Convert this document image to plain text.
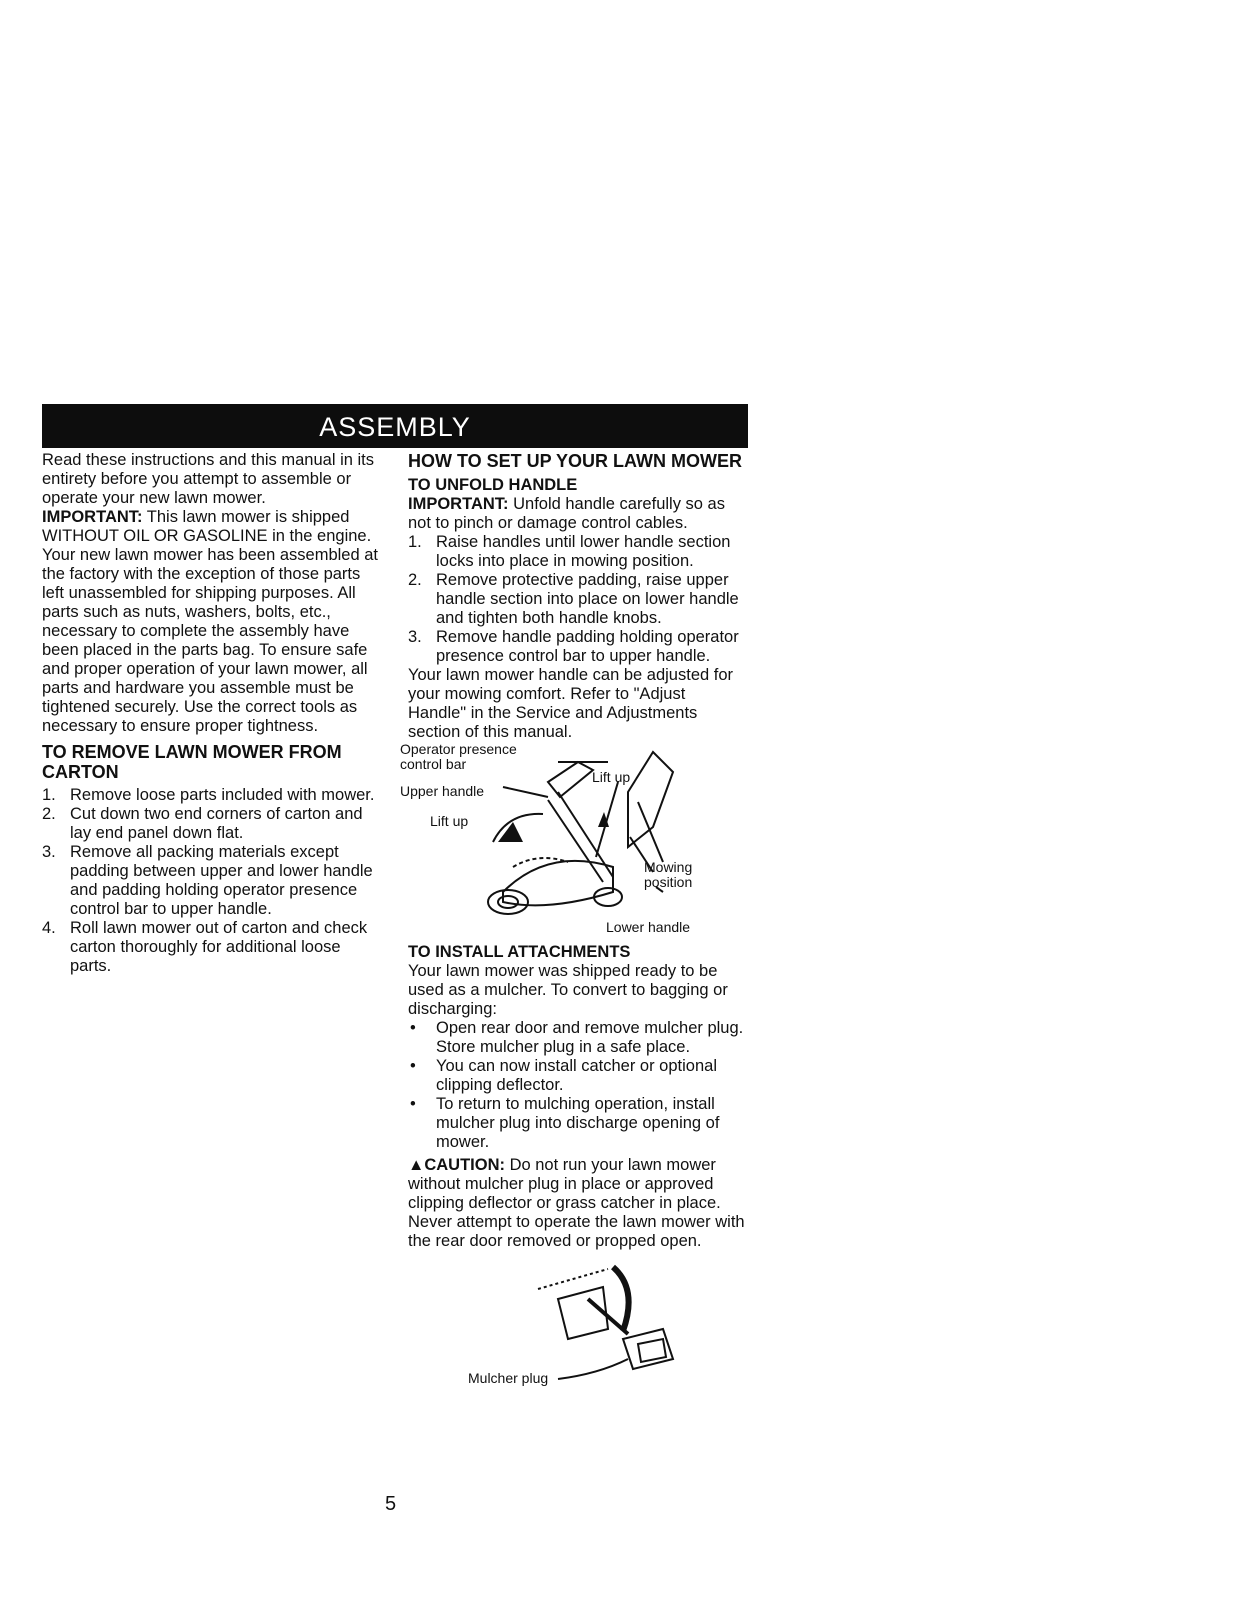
ASSEMBLY

Read these instructions and this manual in its entirety before you attempt to assemble or operate your new lawn mower.

IMPORTANT: This lawn mower is shipped WITHOUT OIL OR GASOLINE in the engine.

Your new lawn mower has been assembled at the factory with the exception of those parts left unassembled for shipping purposes. All parts such as nuts, washers, bolts, etc., necessary to complete the assembly have been placed in the parts bag. To ensure safe and proper operation of your lawn mower, all parts and hardware you assemble must be tightened securely. Use the correct tools as necessary to ensure proper tightness.

TO REMOVE LAWN MOWER FROM CARTON
1. Remove loose parts included with mower.
2. Cut down two end corners of carton and lay end panel down flat.
3. Remove all packing materials except padding between upper and lower handle and padding holding operator presence control bar to upper handle.
4. Roll lawn mower out of carton and check carton thoroughly for additional loose parts.
HOW TO SET UP YOUR LAWN MOWER
TO UNFOLD HANDLE

IMPORTANT: Unfold handle carefully so as not to pinch or damage control cables.

1. Raise handles until lower handle section locks into place in mowing position.
2. Remove protective padding, raise upper handle section into place on lower handle and tighten both handle knobs.
3. Remove handle padding holding operator presence control bar to upper handle.

Your lawn mower handle can be adjusted for your mowing comfort. Refer to "Adjust Handle" in the Service and Adjustments section of this manual.

Operator presence control bar
Upper handle
Lift up
Lift up
Mowing position
Lower handle
TO INSTALL ATTACHMENTS

Your lawn mower was shipped ready to be used as a mulcher. To convert to bagging or discharging:

• Open rear door and remove mulcher plug. Store mulcher plug in a safe place.
• You can now install catcher or optional clipping deflector.
• To return to mulching operation, install mulcher plug into discharge opening of mower.

▲CAUTION: Do not run your lawn mower without mulcher plug in place or approved clipping deflector or grass catcher in place. Never attempt to operate the lawn mower with the rear door removed or propped open.

Mulcher plug
5
